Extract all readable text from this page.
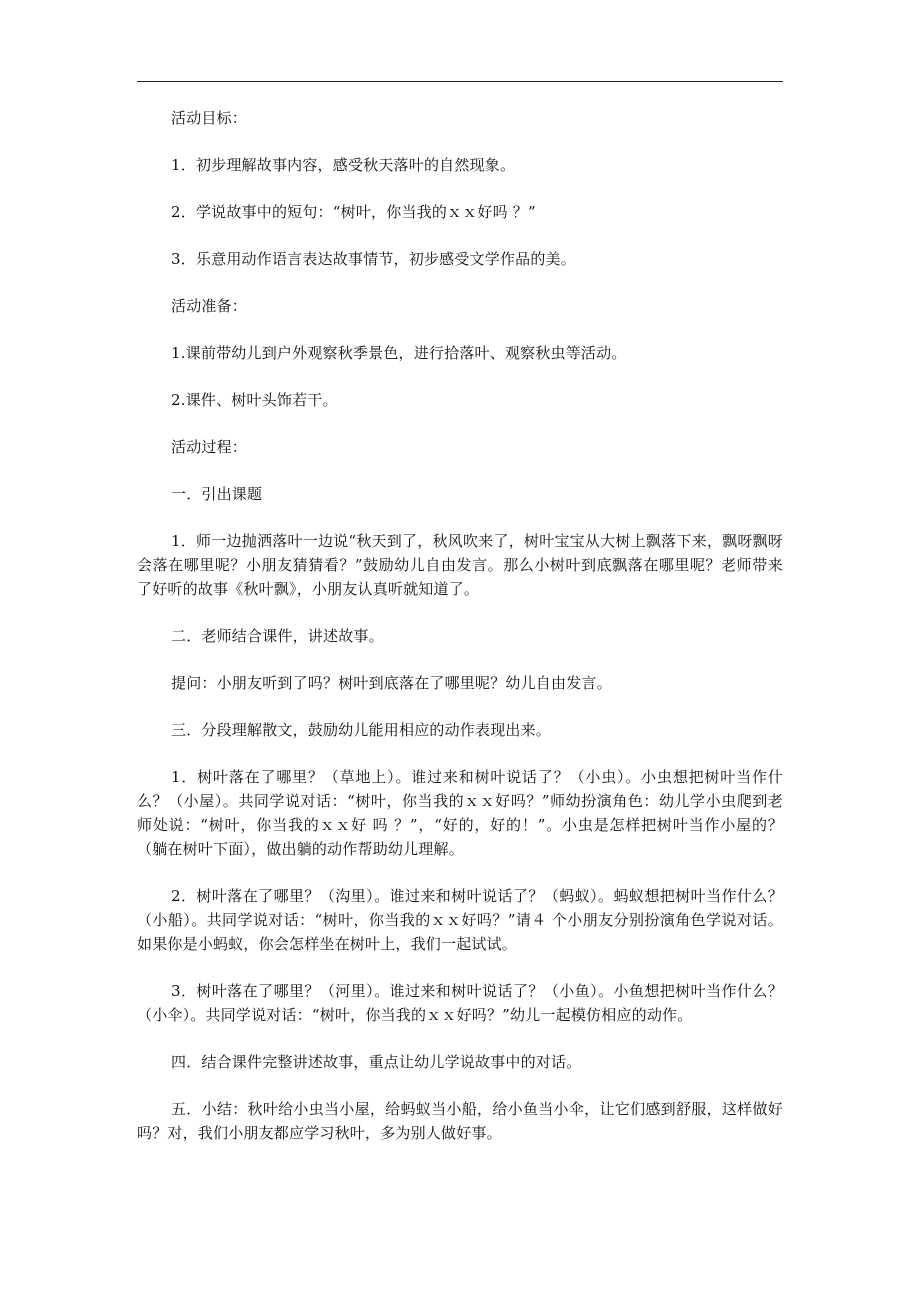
活动目标：

1．初步理解故事内容，感受秋天落叶的自然现象。

2．学说故事中的短句：“树叶，你当我的ｘｘ好吗 ？”

3．乐意用动作语言表达故事情节，初步感受文学作品的美。

活动准备：

1.课前带幼儿到户外观察秋季景色，进行拾落叶、观察秋虫等活动。

2.课件、树叶头饰若干。

活动过程：

一．引出课题

1．师一边抛洒落叶一边说“秋天到了，秋风吹来了，树叶宝宝从大树上飘落下来，飘呀飘呀会落在哪里呢？小朋友猜猜看？”鼓励幼儿自由发言。那么小树叶到底飘落在哪里呢？老师带来了好听的故事《秋叶飘》，小朋友认真听就知道了。

二．老师结合课件，讲述故事。

提问：小朋友听到了吗？树叶到底落在了哪里呢？幼儿自由发言。

三．分段理解散文，鼓励幼儿能用相应的动作表现出来。

1．树叶落在了哪里？（草地上）。谁过来和树叶说话了？（小虫）。小虫想把树叶当作什么？（小屋）。共同学说对话：“树叶，你当我的ｘｘ好吗？”师幼扮演角色：幼儿学小虫爬到老师处说：“树叶，你当我的ｘｘ好 吗 ？”，“好的，好的！”。小虫是怎样把树叶当作小屋的？（躺在树叶下面），做出躺的动作帮助幼儿理解。

2．树叶落在了哪里？（沟里）。谁过来和树叶说话了？（蚂蚁）。蚂蚁想把树叶当作什么？（小船）。共同学说对话：“树叶，你当我的ｘｘ好吗？”请４ 个小朋友分别扮演角色学说对话。如果你是小蚂蚁，你会怎样坐在树叶上，我们一起试试。

3．树叶落在了哪里？（河里）。谁过来和树叶说话了？（小鱼）。小鱼想把树叶当作什么？（小伞）。共同学说对话：“树叶，你当我的ｘｘ好吗？”幼儿一起模仿相应的动作。

四．结合课件完整讲述故事，重点让幼儿学说故事中的对话。

五．小结：秋叶给小虫当小屋，给蚂蚁当小船，给小鱼当小伞，让它们感到舒服，这样做好吗？对，我们小朋友都应学习秋叶，多为别人做好事。
